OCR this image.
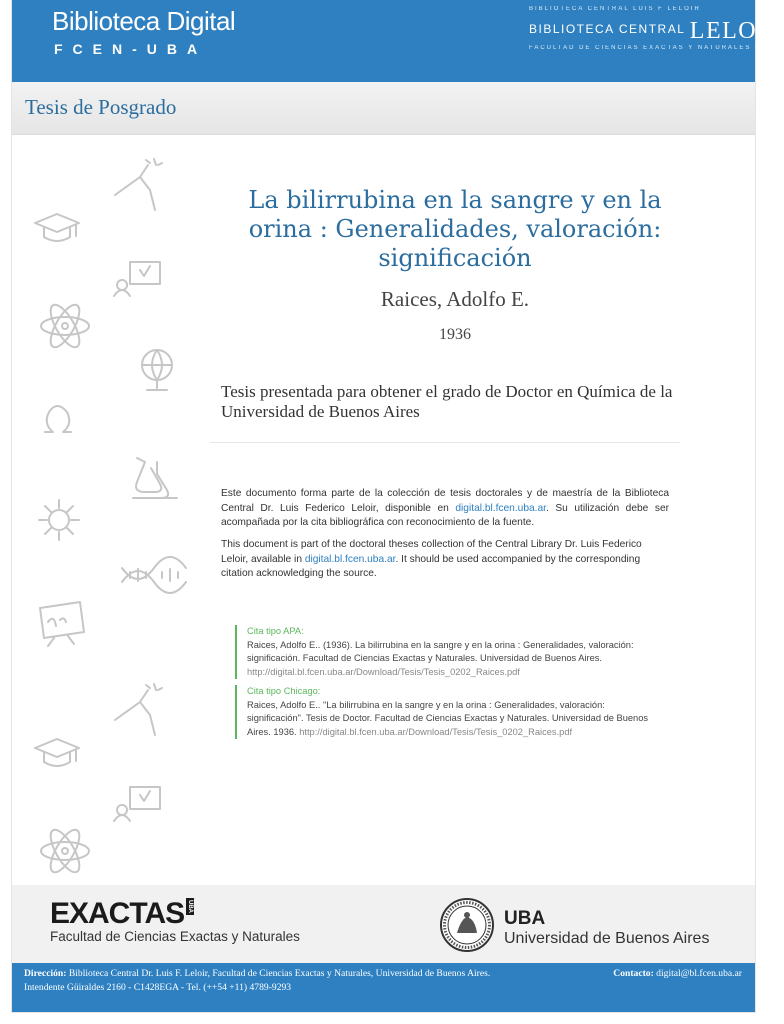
Biblioteca Digital
FCEN-UBA
BIBLIOTECA CENTRAL LUIS F LELOIR
BIBLIOTECA CENTRAL LELOIR
FACULTAD DE CIENCIAS EXACTAS Y NATURALES UBA
Tesis de Posgrado
La bilirrubina en la sangre y en la orina : Generalidades, valoración: significación
Raices, Adolfo E.
1936
Tesis presentada para obtener el grado de Doctor en Química de la Universidad de Buenos Aires
Este documento forma parte de la colección de tesis doctorales y de maestría de la Biblioteca Central Dr. Luis Federico Leloir, disponible en digital.bl.fcen.uba.ar. Su utilización debe ser acompañada por la cita bibliográfica con reconocimiento de la fuente.
This document is part of the doctoral theses collection of the Central Library Dr. Luis Federico Leloir, available in digital.bl.fcen.uba.ar. It should be used accompanied by the corresponding citation acknowledging the source.
Cita tipo APA:
Raices, Adolfo E.. (1936). La bilirrubina en la sangre y en la orina : Generalidades, valoración: significación. Facultad de Ciencias Exactas y Naturales. Universidad de Buenos Aires.
http://digital.bl.fcen.uba.ar/Download/Tesis/Tesis_0202_Raices.pdf
Cita tipo Chicago:
Raices, Adolfo E.. "La bilirrubina en la sangre y en la orina : Generalidades, valoración: significación". Tesis de Doctor. Facultad de Ciencias Exactas y Naturales. Universidad de Buenos Aires. 1936. http://digital.bl.fcen.uba.ar/Download/Tesis/Tesis_0202_Raices.pdf
EXACTAS UBA
Facultad de Ciencias Exactas y Naturales
UBA
Universidad de Buenos Aires
Dirección: Biblioteca Central Dr. Luis F. Leloir, Facultad de Ciencias Exactas y Naturales, Universidad de Buenos Aires.
Intendente Güiraldes 2160 - C1428EGA - Tel. (++54 +11) 4789-9293
Contacto: digital@bl.fcen.uba.ar
